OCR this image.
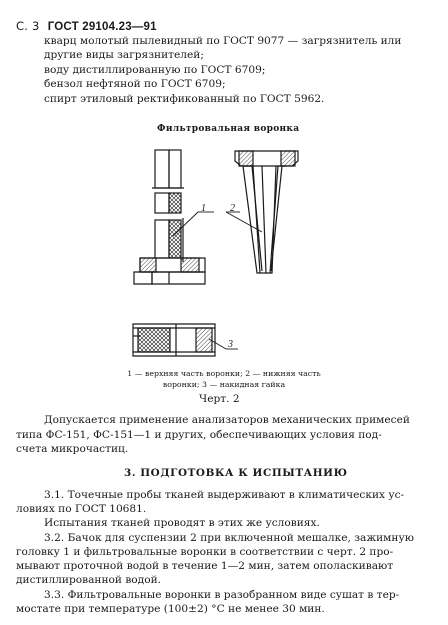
С. 3 ГОСТ 29104.23—91
кварц молотый пылевидный по ГОСТ 9077 — загрязнитель или
другие виды загрязнителей;
воду дистиллированную по ГОСТ 6709;
бензол нефтяной по ГОСТ 6709;
спирт этиловый ректификованный по ГОСТ 5962.
Фильтровальная воронка
1 2
3
1 — верхняя часть воронки; 2 — нижняя часть
воронки; 3 — накидная гайка
Черт. 2
Допускается применение анализаторов механических примесей
типа ФС-151, ФС-151—1 и других, обеспечивающих условия под-
счета микрочастиц.
3. ПОДГОТОВКА К ИСПЫТАНИЮ
3.1. Точечные пробы тканей выдерживают в климатических ус-
ловиях по ГОСТ 10681.
Испытания тканей проводят в этих же условиях.
3.2. Бачок для суспензии 2 при включенной мешалке, зажимную
головку 1 и фильтровальные воронки в соответствии с черт. 2 про-
мывают проточной водой в течение 1—2 мин, затем ополаскивают
дистиллированной водой.
3.3. Фильтровальные воронки в разобранном виде сушат в тер-
мостате при температуре (100±2) °С не менее 30 мин.
